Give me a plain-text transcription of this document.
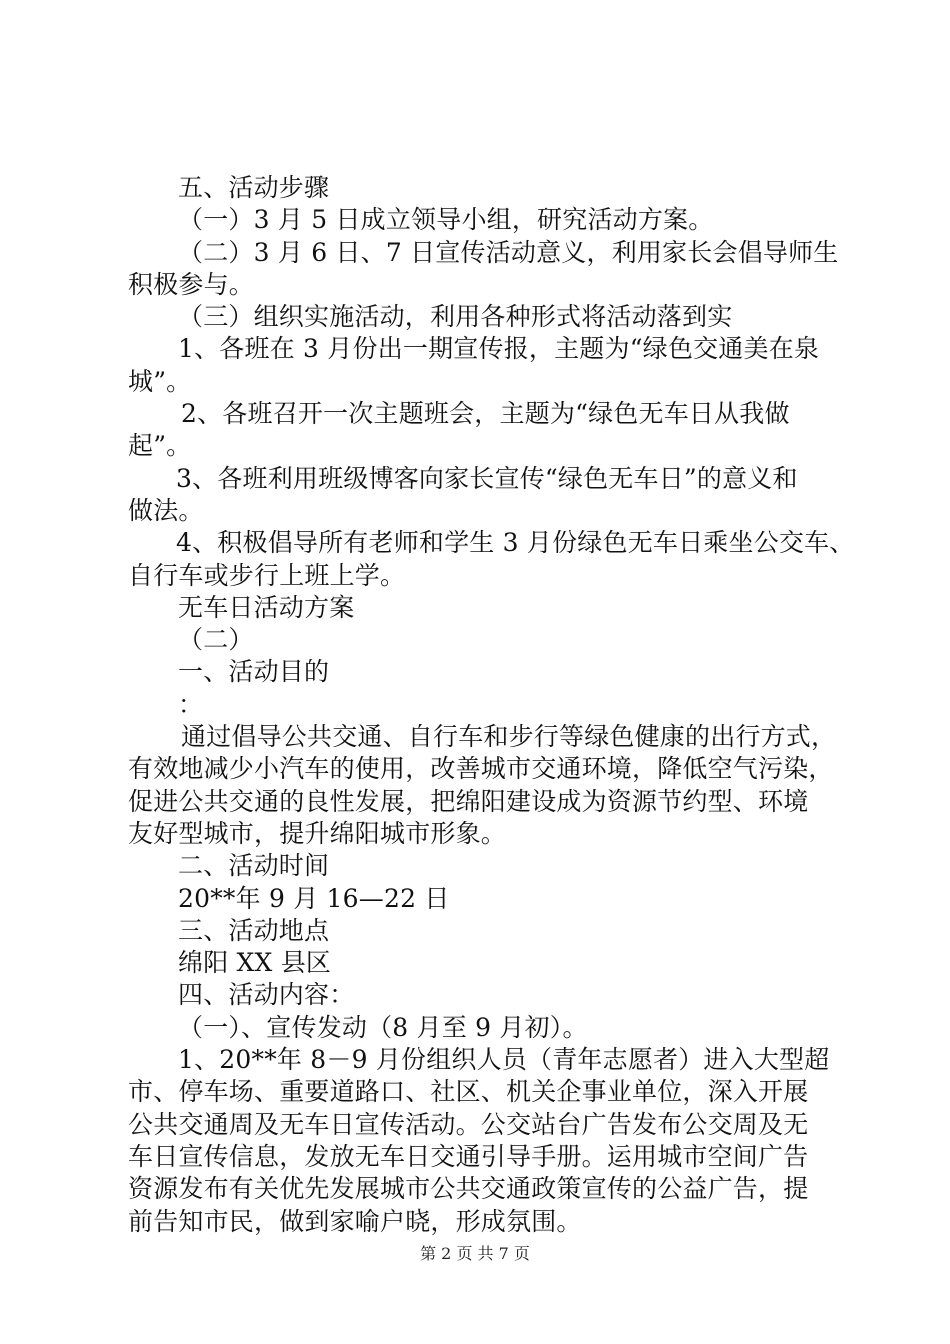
五、活动步骤
（一）3 月 5 日成立领导小组，研究活动方案。
（二）3 月 6 日、7 日宣传活动意义，利用家长会倡导师生
积极参与。
（三）组织实施活动，利用各种形式将活动落到实
1、各班在 3 月份出一期宣传报，主题为“绿色交通美在泉
城”。
2、各班召开一次主题班会，主题为“绿色无车日从我做
起”。
3、各班利用班级博客向家长宣传“绿色无车日”的意义和
做法。
4、积极倡导所有老师和学生 3 月份绿色无车日乘坐公交车、
自行车或步行上班上学。
无车日活动方案
（二）
一、活动目的
：
通过倡导公共交通、自行车和步行等绿色健康的出行方式，
有效地减少小汽车的使用，改善城市交通环境，降低空气污染，
促进公共交通的良性发展，把绵阳建设成为资源节约型、环境
友好型城市，提升绵阳城市形象。
二、活动时间
20**年 9 月 16—22 日
三、活动地点
绵阳 XX 县区
四、活动内容：
（一）、宣传发动（8 月至 9 月初）。
1、20**年 8－9 月份组织人员（青年志愿者）进入大型超
市、停车场、重要道路口、社区、机关企事业单位，深入开展
公共交通周及无车日宣传活动。公交站台广告发布公交周及无
车日宣传信息，发放无车日交通引导手册。运用城市空间广告
资源发布有关优先发展城市公共交通政策宣传的公益广告，提
前告知市民，做到家喻户晓，形成氛围。
第 2 页 共 7 页
